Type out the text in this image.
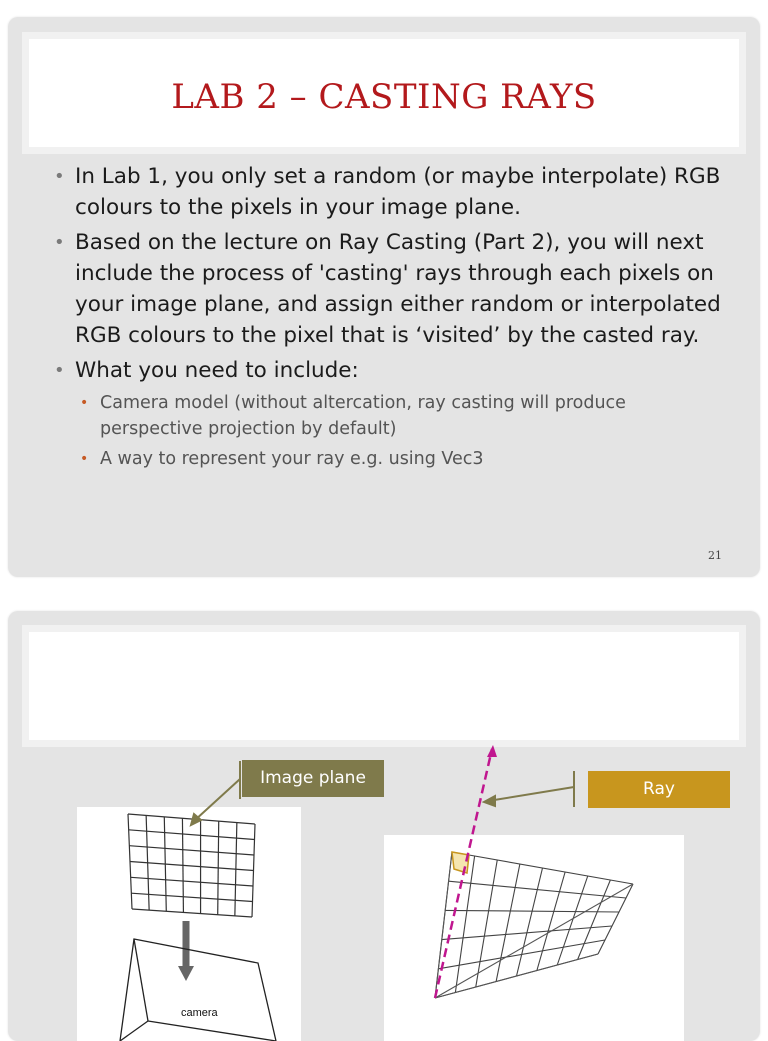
LAB 2 – CASTING RAYS
• In Lab 1, you only set a random (or maybe interpolate) RGB colours to the pixels in your image plane.
• Based on the lecture on Ray Casting (Part 2), you will next include the process of 'casting' rays through each pixels on your image plane, and assign either random or interpolated RGB colours to the pixel that is ‘visited’ by the casted ray.
• What you need to include:
• Camera model (without altercation, ray casting will produce perspective projection by default)
• A way to represent your ray e.g. using Vec3
21
camera
Image plane
Ray
